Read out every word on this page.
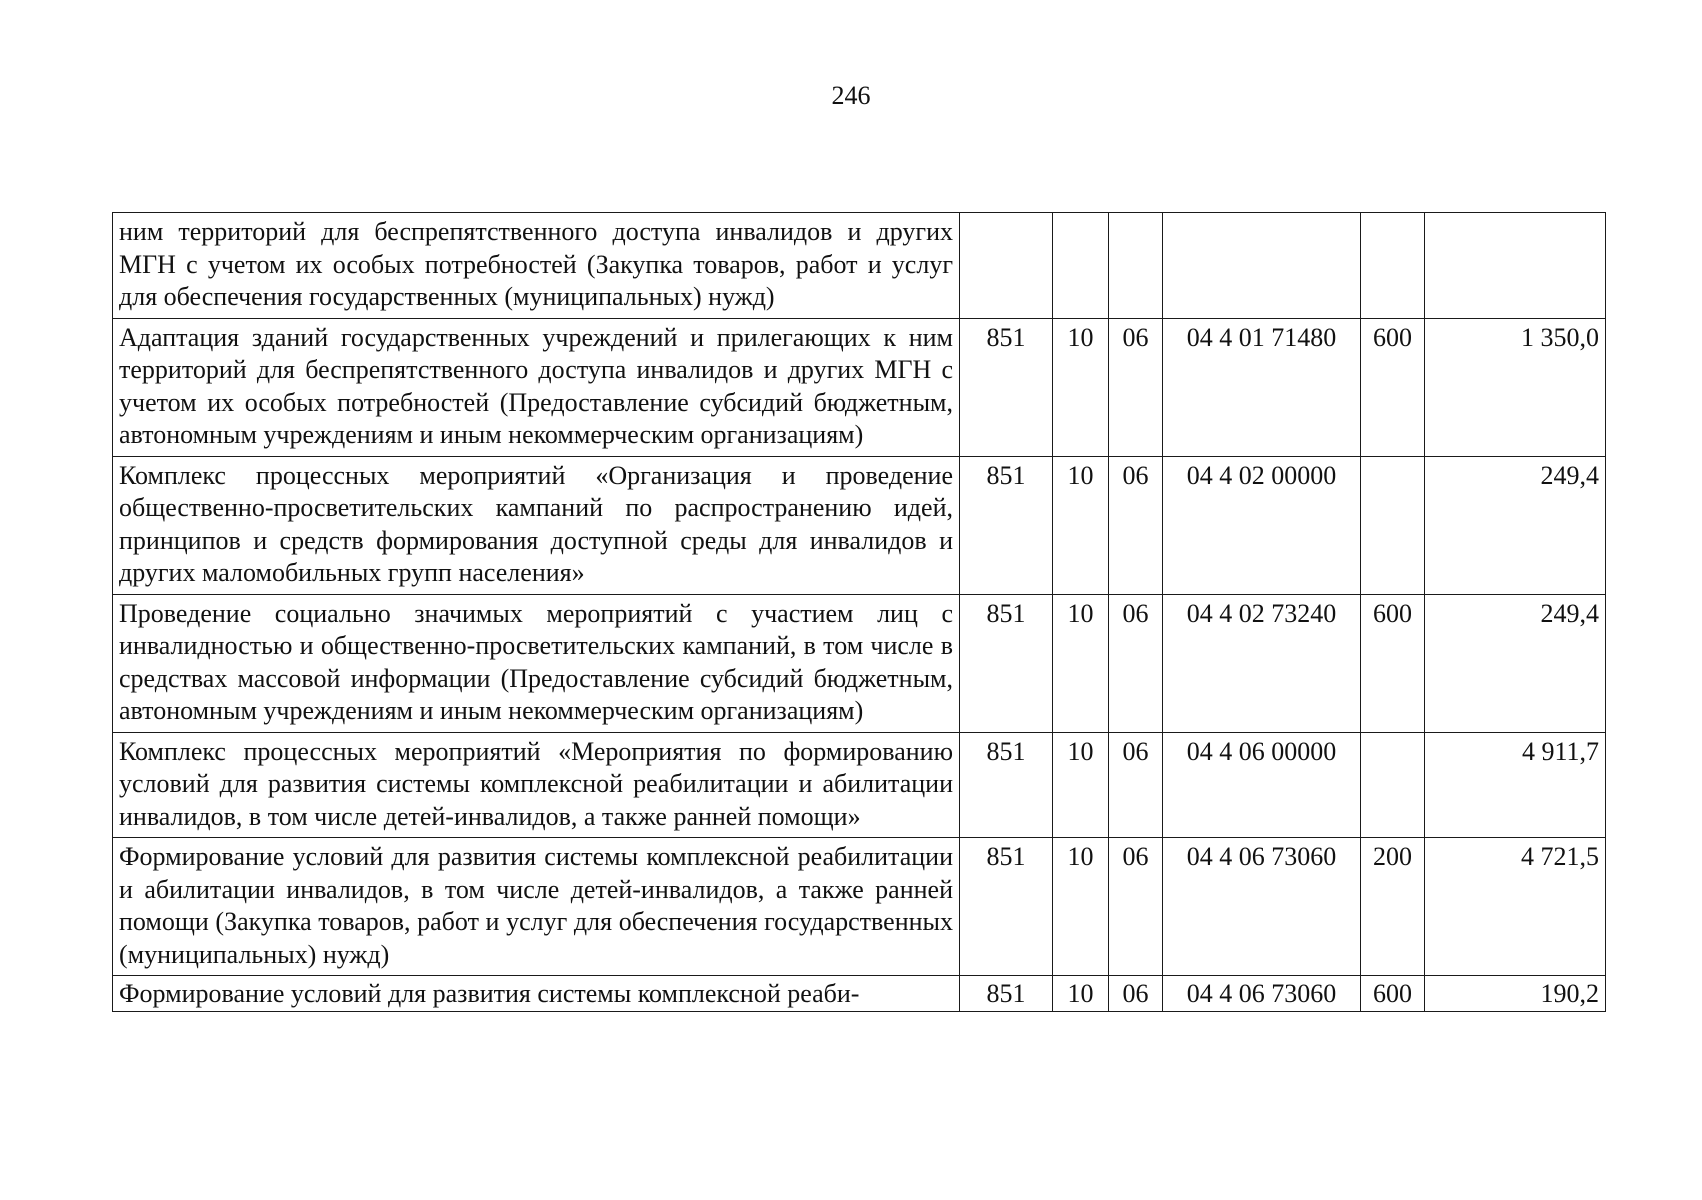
246
ним территорий для беспрепятственного доступа инвалидов и других МГН с учетом их особых потребностей (Закупка товаров, работ и услуг для обеспечения государственных (муниципальных) нужд)						
Адаптация зданий государственных учреждений и прилегающих к ним территорий для беспрепятственного доступа инвалидов и других МГН с учетом их особых потребностей (Предоставление субсидий бюджетным, автономным учреждениям и иным некоммерческим организациям)	851	10	06	04 4 01 71480	600	1 350,0
Комплекс процессных мероприятий «Организация и проведение общественно-просветительских кампаний по распространению идей, принципов и средств формирования доступной среды для инвалидов и других маломобильных групп населения»	851	10	06	04 4 02 00000		249,4
Проведение социально значимых мероприятий с участием лиц с инвалидностью и общественно-просветительских кампаний, в том числе в средствах массовой информации (Предоставление субсидий бюджетным, автономным учреждениям и иным некоммерческим организациям)	851	10	06	04 4 02 73240	600	249,4
Комплекс процессных мероприятий «Мероприятия по формированию условий для развития системы комплексной реабилитации и абилитации инвалидов, в том числе детей-инвалидов, а также ранней помощи»	851	10	06	04 4 06 00000		4 911,7
Формирование условий для развития системы комплексной реабилитации и абилитации инвалидов, в том числе детей-инвалидов, а также ранней помощи (Закупка товаров, работ и услуг для обеспечения государственных (муниципальных) нужд)	851	10	06	04 4 06 73060	200	4 721,5
Формирование условий для развития системы комплексной реаби-	851	10	06	04 4 06 73060	600	190,2
